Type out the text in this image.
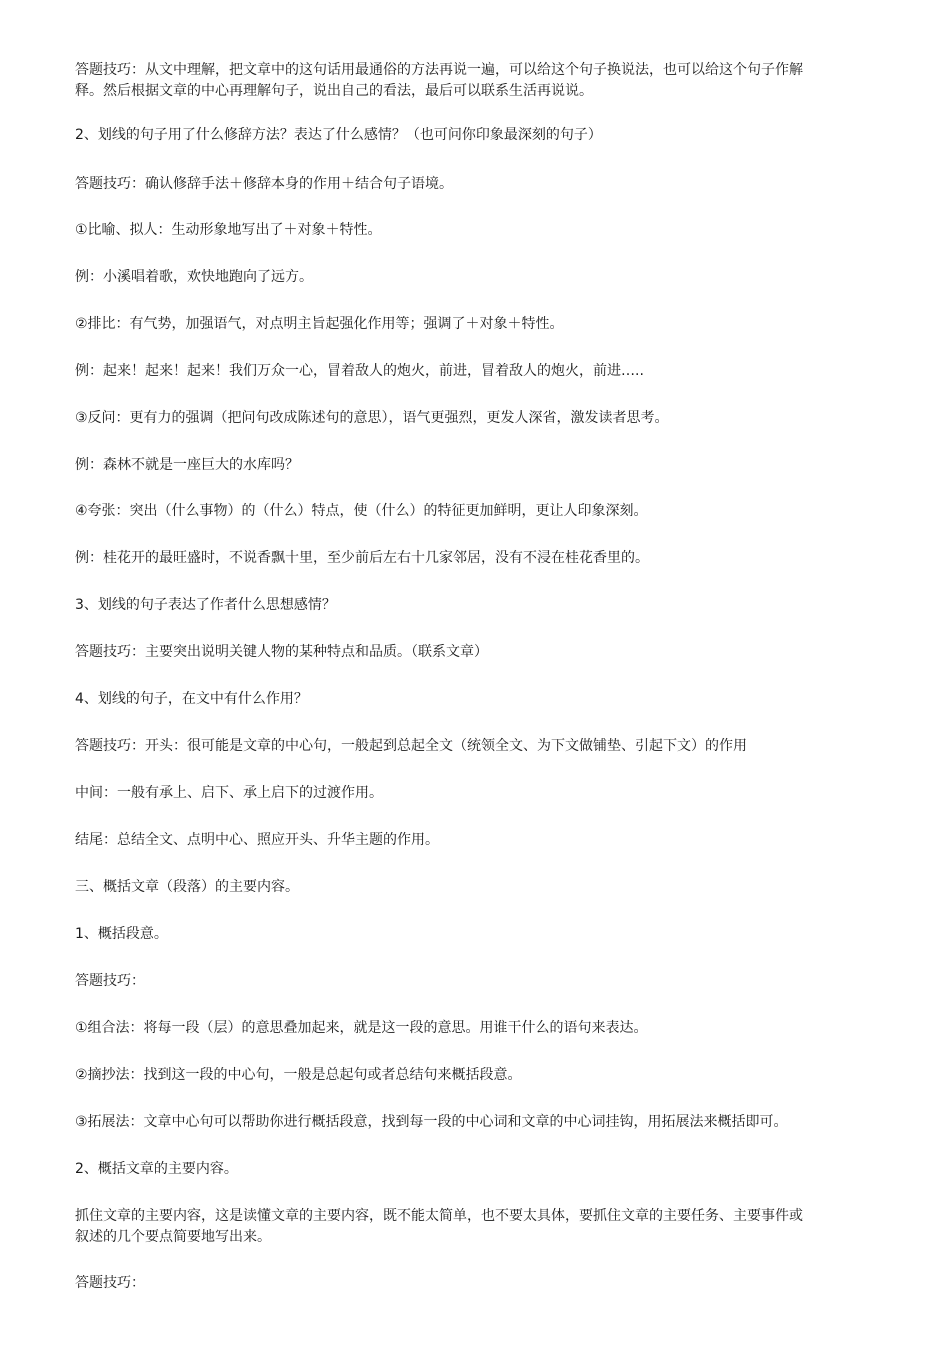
答题技巧：从文中理解，把文章中的这句话用最通俗的方法再说一遍，可以给这个句子换说法，也可以给这个句子作解
释。然后根据文章的中心再理解句子，说出自己的看法，最后可以联系生活再说说。

2、划线的句子用了什么修辞方法？表达了什么感情？（也可问你印象最深刻的句子）

答题技巧：确认修辞手法＋修辞本身的作用＋结合句子语境。

①比喻、拟人：生动形象地写出了＋对象＋特性。

例：小溪唱着歌，欢快地跑向了远方。

②排比：有气势，加强语气，对点明主旨起强化作用等；强调了＋对象＋特性。

例：起来！起来！起来！我们万众一心，冒着敌人的炮火，前进，冒着敌人的炮火，前进…..

③反问：更有力的强调（把问句改成陈述句的意思），语气更强烈，更发人深省，激发读者思考。

例：森林不就是一座巨大的水库吗？

④夸张：突出（什么事物）的（什么）特点，使（什么）的特征更加鲜明，更让人印象深刻。

例：桂花开的最旺盛时，不说香飘十里，至少前后左右十几家邻居，没有不浸在桂花香里的。

3、划线的句子表达了作者什么思想感情？

答题技巧：主要突出说明关键人物的某种特点和品质。（联系文章）

4、划线的句子，在文中有什么作用？

答题技巧：开头：很可能是文章的中心句，一般起到总起全文（统领全文、为下文做铺垫、引起下文）的作用

中间：一般有承上、启下、承上启下的过渡作用。

结尾：总结全文、点明中心、照应开头、升华主题的作用。

三、概括文章（段落）的主要内容。

1、概括段意。

答题技巧：

①组合法：将每一段（层）的意思叠加起来，就是这一段的意思。用谁干什么的语句来表达。

②摘抄法：找到这一段的中心句，一般是总起句或者总结句来概括段意。

③拓展法：文章中心句可以帮助你进行概括段意，找到每一段的中心词和文章的中心词挂钩，用拓展法来概括即可。

2、概括文章的主要内容。

抓住文章的主要内容，这是读懂文章的主要内容，既不能太简单，也不要太具体，要抓住文章的主要任务、主要事件或
叙述的几个要点简要地写出来。

答题技巧：
